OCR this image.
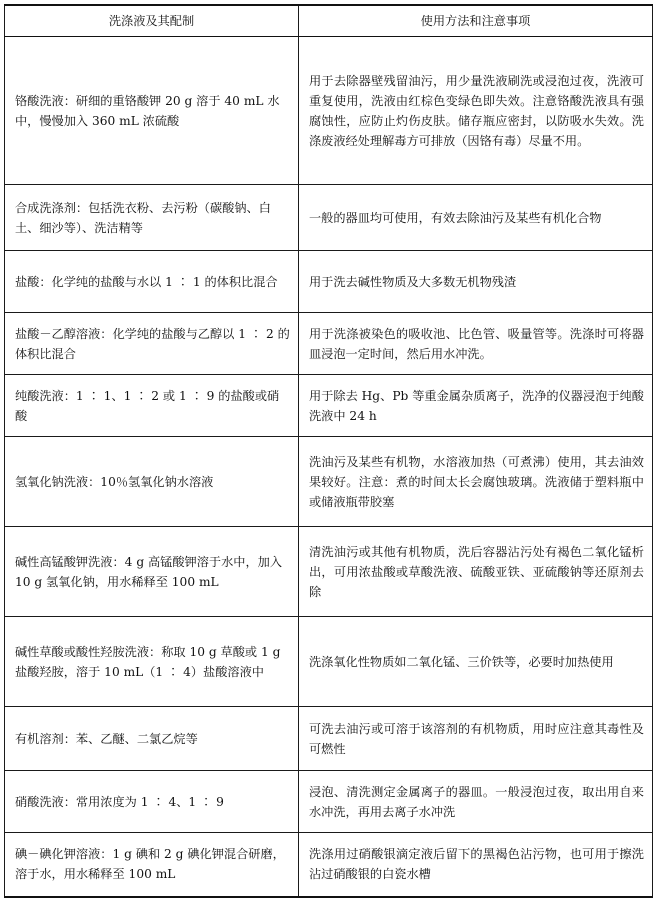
洗涤液及其配制	使用方法和注意事项
铬酸洗液：研细的重铬酸钾 20 g 溶于 40 mL 水中，慢慢加入 360 mL 浓硫酸	用于去除器壁残留油污，用少量洗液刷洗或浸泡过夜，洗液可重复使用，洗液由红棕色变绿色即失效。注意铬酸洗液具有强腐蚀性，应防止灼伤皮肤。储存瓶应密封，以防吸水失效。洗涤废液经处理解毒方可排放（因铬有毒）尽量不用。
合成洗涤剂：包括洗衣粉、去污粉（碳酸钠、白土、细沙等）、洗洁精等	一般的器皿均可使用，有效去除油污及某些有机化合物
盐酸：化学纯的盐酸与水以 1 ∶ 1 的体积比混合	用于洗去碱性物质及大多数无机物残渣
盐酸－乙醇溶液：化学纯的盐酸与乙醇以 1 ∶ 2 的体积比混合	用于洗涤被染色的吸收池、比色管、吸量管等。洗涤时可将器皿浸泡一定时间，然后用水冲洗。
纯酸洗液：1 ∶ 1、1 ∶ 2 或 1 ∶ 9 的盐酸或硝酸	用于除去 Hg、Pb 等重金属杂质离子，洗净的仪器浸泡于纯酸洗液中 24 h
氢氧化钠洗液：10％氢氧化钠水溶液	洗油污及某些有机物，水溶液加热（可煮沸）使用，其去油效果较好。注意：煮的时间太长会腐蚀玻璃。洗液储于塑料瓶中或储液瓶带胶塞
碱性高锰酸钾洗液：4 g 高锰酸钾溶于水中，加入 10 g 氢氧化钠，用水稀释至 100 mL	清洗油污或其他有机物质，洗后容器沾污处有褐色二氧化锰析出，可用浓盐酸或草酸洗液、硫酸亚铁、亚硫酸钠等还原剂去除
碱性草酸或酸性羟胺洗液：称取 10 g 草酸或 1 g 盐酸羟胺，溶于 10 mL（1 ∶ 4）盐酸溶液中	洗涤氧化性物质如二氧化锰、三价铁等，必要时加热使用
有机溶剂：苯、乙醚、二氯乙烷等	可洗去油污或可溶于该溶剂的有机物质，用时应注意其毒性及可燃性
硝酸洗液：常用浓度为 1 ∶ 4、1 ∶ 9	浸泡、清洗测定金属离子的器皿。一般浸泡过夜，取出用自来水冲洗，再用去离子水冲洗
碘－碘化钾溶液：1 g 碘和 2 g 碘化钾混合研磨，溶于水，用水稀释至 100 mL	洗涤用过硝酸银滴定液后留下的黑褐色沾污物，也可用于擦洗沾过硝酸银的白瓷水槽
